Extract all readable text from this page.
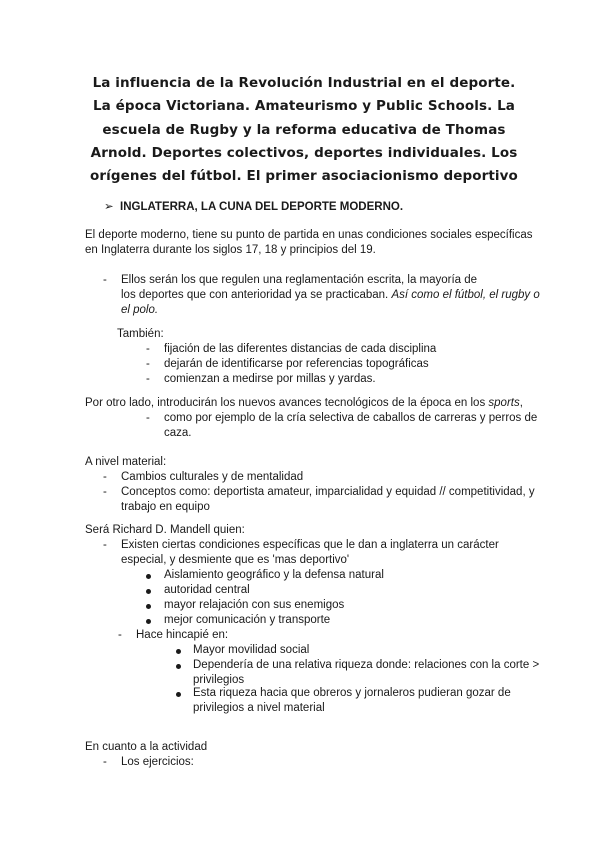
La influencia de la Revolución Industrial en el deporte. La época Victoriana. Amateurismo y Public Schools. La escuela de Rugby y la reforma educativa de Thomas Arnold. Deportes colectivos, deportes individuales. Los orígenes del fútbol. El primer asociacionismo deportivo
➢ INGLATERRA, LA CUNA DEL DEPORTE MODERNO.
El deporte moderno, tiene su punto de partida en unas condiciones sociales específicas
en Inglaterra durante los siglos 17, 18 y principios del 19.
- Ellos serán los que regulen una reglamentación escrita, la mayoría de
los deportes que con anterioridad ya se practicaban. Así como el fútbol, el rugby o
el polo.
También:
- fijación de las diferentes distancias de cada disciplina
- dejarán de identificarse por referencias topográficas
- comienzan a medirse por millas y yardas.
Por otro lado, introducirán los nuevos avances tecnológicos de la época en los sports,
- como por ejemplo de la cría selectiva de caballos de carreras y perros de
caza.
A nivel material:
- Cambios culturales y de mentalidad
- Conceptos como: deportista amateur, imparcialidad y equidad // competitividad, y
trabajo en equipo
Será Richard D. Mandell quien:
- Existen ciertas condiciones específicas que le dan a inglaterra un carácter
especial, y desmiente que es 'mas deportivo'
Aislamiento geográfico y la defensa natural
autoridad central
mayor relajación con sus enemigos
mejor comunicación y transporte
- Hace hincapié en:
Mayor movilidad social
Dependería de una relativa riqueza donde: relaciones con la corte >
privilegios
Esta riqueza hacia que obreros y jornaleros pudieran gozar de
privilegios a nivel material
En cuanto a la actividad
- Los ejercicios:
